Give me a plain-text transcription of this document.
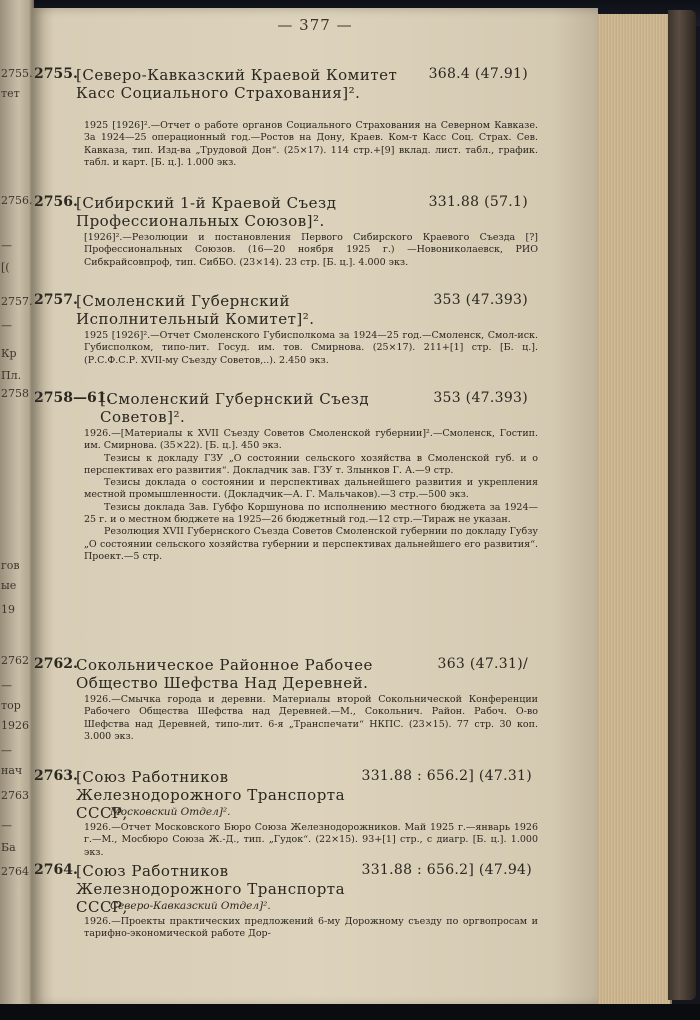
2755.
тет
2756.
—
[(
Кр
Пл.
2757.
—
2758
гов
ые
19
2762
—
тор
1926
—
нач
2763
—
Ба
2764
— 377 —
2755.
[Северо-Кавказский Краевой Комитет Касс Социального Страхования]².
368.4 (47.91)

1925 [1926]².—Отчет о работе органов Социального Страхования на Северном Кавказе. За 1924—25 операционный год.—Ростов на Дону, Краев. Ком-т Касс Соц. Страх. Сев. Кавказа, тип. Изд-ва „Трудовой Дон“. (25×17). 114 стр.+[9] вклад. лист. табл., график. табл. и карт. [Б. ц.]. 1.000 экз.

2756.
[Сибирский 1-й Краевой Съезд Профессиональных Союзов]².
331.88 (57.1)

[1926]².—Резолюции и постановления Первого Сибирского Краевого Съезда [?] Профессиональных Союзов. (16—20 ноября 1925 г.) —Новониколаевск, РИО Сибкрайсовпроф, тип. СибБО. (23×14). 23 стр. [Б. ц.]. 4.000 экз.

2757.
[Смоленский Губернский Исполнительный Комитет]².
353 (47.393)

1925 [1926]².—Отчет Смоленского Губисполкома за 1924—25 год.—Смоленск, Смол-иск. Губисполком, типо-лит. Госуд. им. тов. Смирнова. (25×17). 211+[1] стр. [Б. ц.]. (Р.С.Ф.С.Р. XVII-му Съезду Советов,..). 2.450 экз.

2758—61.
[Смоленский Губернский Съезд Советов]².
353 (47.393)

1926.—[Материалы к XVII Съезду Советов Смоленской губернии]².—Смоленск, Гостип. им. Смирнова. (35×22). [Б. ц.]. 450 экз.

Тезисы к докладу ГЗУ „О состоянии сельского хозяйства в Смоленской губ. и о перспективах его развития“. Докладчик зав. ГЗУ т. Злынков Г. А.—9 стр.

Тезисы доклада о состоянии и перспективах дальнейшего развития и укрепления местной промышленности. (Докладчик—А. Г. Мальчаков).—3 стр.—500 экз.

Тезисы доклада Зав. Губфо Коршунова по исполнению местного бюджета за 1924—25 г. и о местном бюджете на 1925—26 бюджетный год.—12 стр.—Тираж не указан.

Резолюция XVII Губернского Съезда Советов Смоленской губернии по докладу Губзу „О состоянии сельского хозяйства губернии и перспективах дальнейшего его развития“. Проект.—5 стр.

2762.
Сокольническое Районное Рабочее Общество Шефства Над Деревней.
363 (47.31)/

1926.—Смычка города и деревни. Материалы второй Сокольнической Конференции Рабочего Общества Шефства над Деревней.—М., Сокольнич. Район. Рабоч. О-во Шефства над Деревней, типо-лит. 6-я „Транспечати“ НКПС. (23×15). 77 стр. 30 коп. 3.000 экз.

2763.
[Союз Работников Железнодорожного Транспорта СССР,
331.88 : 656.2] (47.31)
Московский Отдел]².

1926.—Отчет Московского Бюро Союза Железнодорожников. Май 1925 г.—январь 1926 г.—М., Мосбюро Союза Ж.-Д., тип. „Гудок“. (22×15). 93+[1] стр., с диагр. [Б. ц.]. 1.000 экз.

2764.
[Союз Работников Железнодорожного Транспорта СССР,
331.88 : 656.2] (47.94)
Северо-Кавказский Отдел]².

1926.—Проекты практических предложений 6-му Дорожному съезду по оргвопросам и тарифно-экономической работе Дор-
